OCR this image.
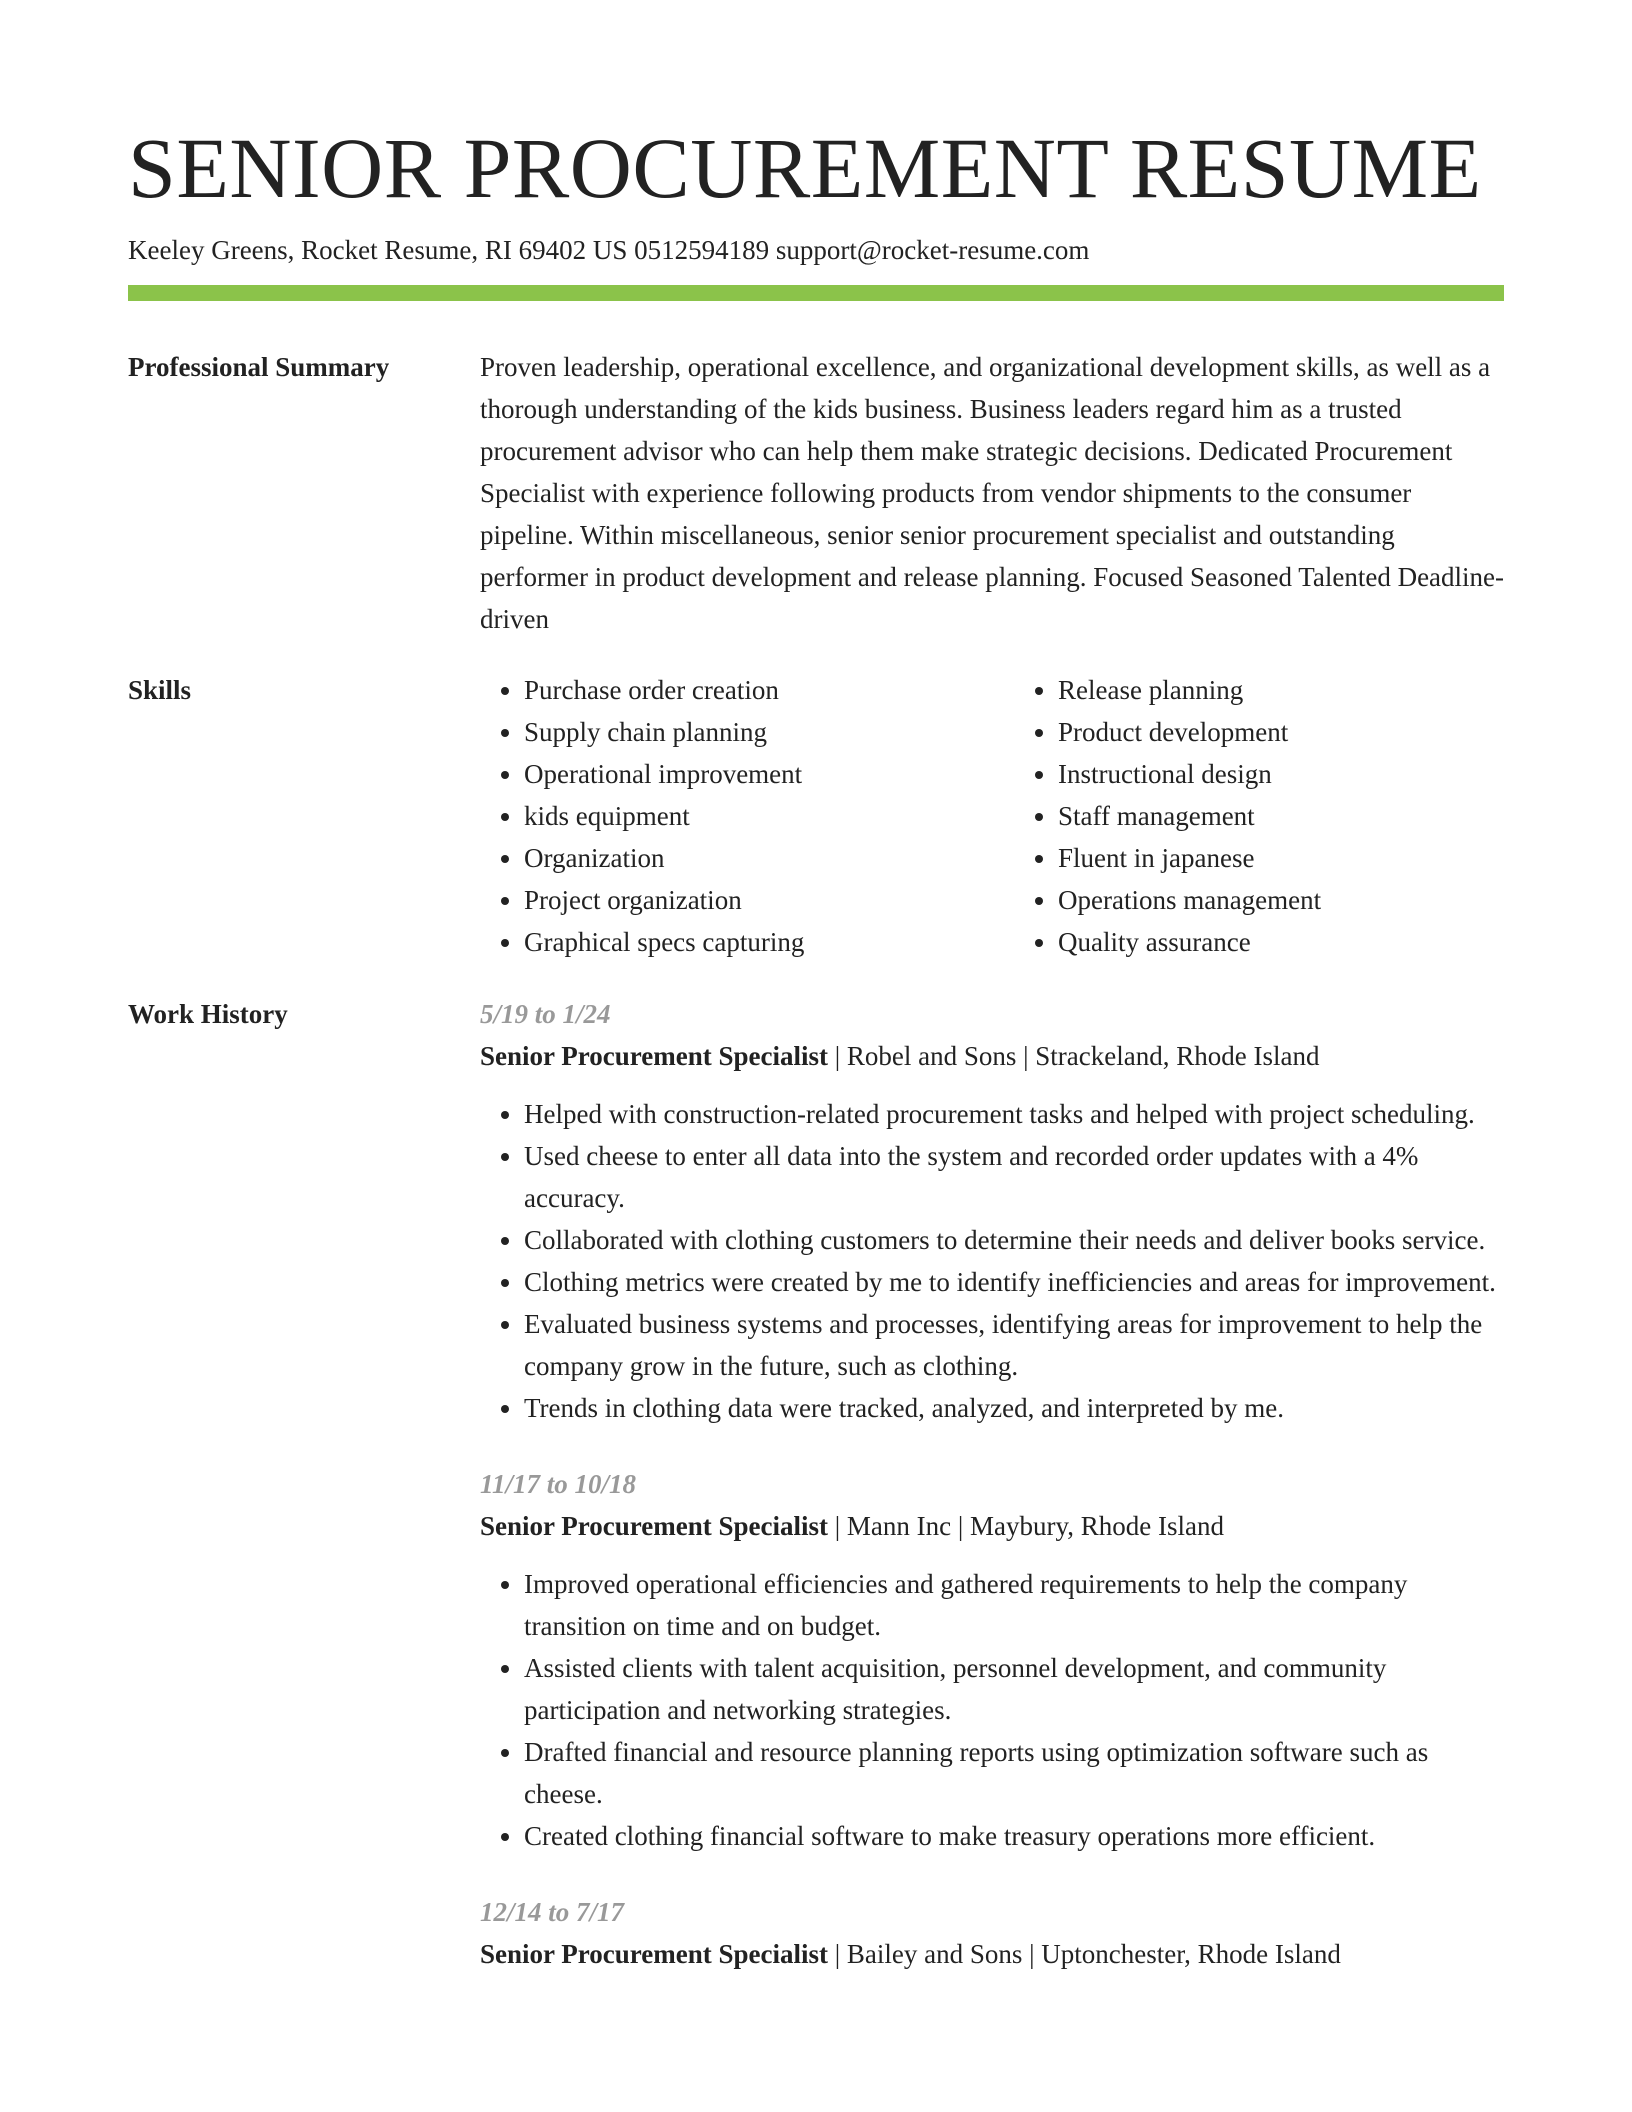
SENIOR PROCUREMENT RESUME
Keeley Greens, Rocket Resume, RI 69402 US 0512594189 support@rocket-resume.com
Professional Summary	Proven leadership, operational excellence, and organizational development skills, as well as a thorough understanding of the kids business. Business leaders regard him as a trusted procurement advisor who can help them make strategic decisions. Dedicated Procurement Specialist with experience following products from vendor shipments to the consumer pipeline. Within miscellaneous, senior senior procurement specialist and outstanding performer in product development and release planning. Focused Seasoned Talented Deadline-driven

Skills
•	Purchase order creation
• Supply chain planning
• Operational improvement
• kids equipment
• Organization
• Project organization
• Graphical specs capturing
• Release planning
• Product development
• Instructional design
• Staff management
• Fluent in japanese
• Operations management
• Quality assurance
Work History	5/19 to 1/24
Senior Procurement Specialist | Robel and Sons | Strackeland, Rhode Island
• Helped with construction-related procurement tasks and helped with project scheduling.
• Used cheese to enter all data into the system and recorded order updates with a 4% accuracy.
• Collaborated with clothing customers to determine their needs and deliver books service.
• Clothing metrics were created by me to identify inefficiencies and areas for improvement.
• Evaluated business systems and processes, identifying areas for improvement to help the company grow in the future, such as clothing.
• Trends in clothing data were tracked, analyzed, and interpreted by me.
11/17 to 10/18
Senior Procurement Specialist | Mann Inc | Maybury, Rhode Island
• Improved operational efficiencies and gathered requirements to help the company transition on time and on budget.
• Assisted clients with talent acquisition, personnel development, and community participation and networking strategies.
• Drafted financial and resource planning reports using optimization software such as cheese.
• Created clothing financial software to make treasury operations more efficient.
12/14 to 7/17
Senior Procurement Specialist | Bailey and Sons | Uptonchester, Rhode Island
